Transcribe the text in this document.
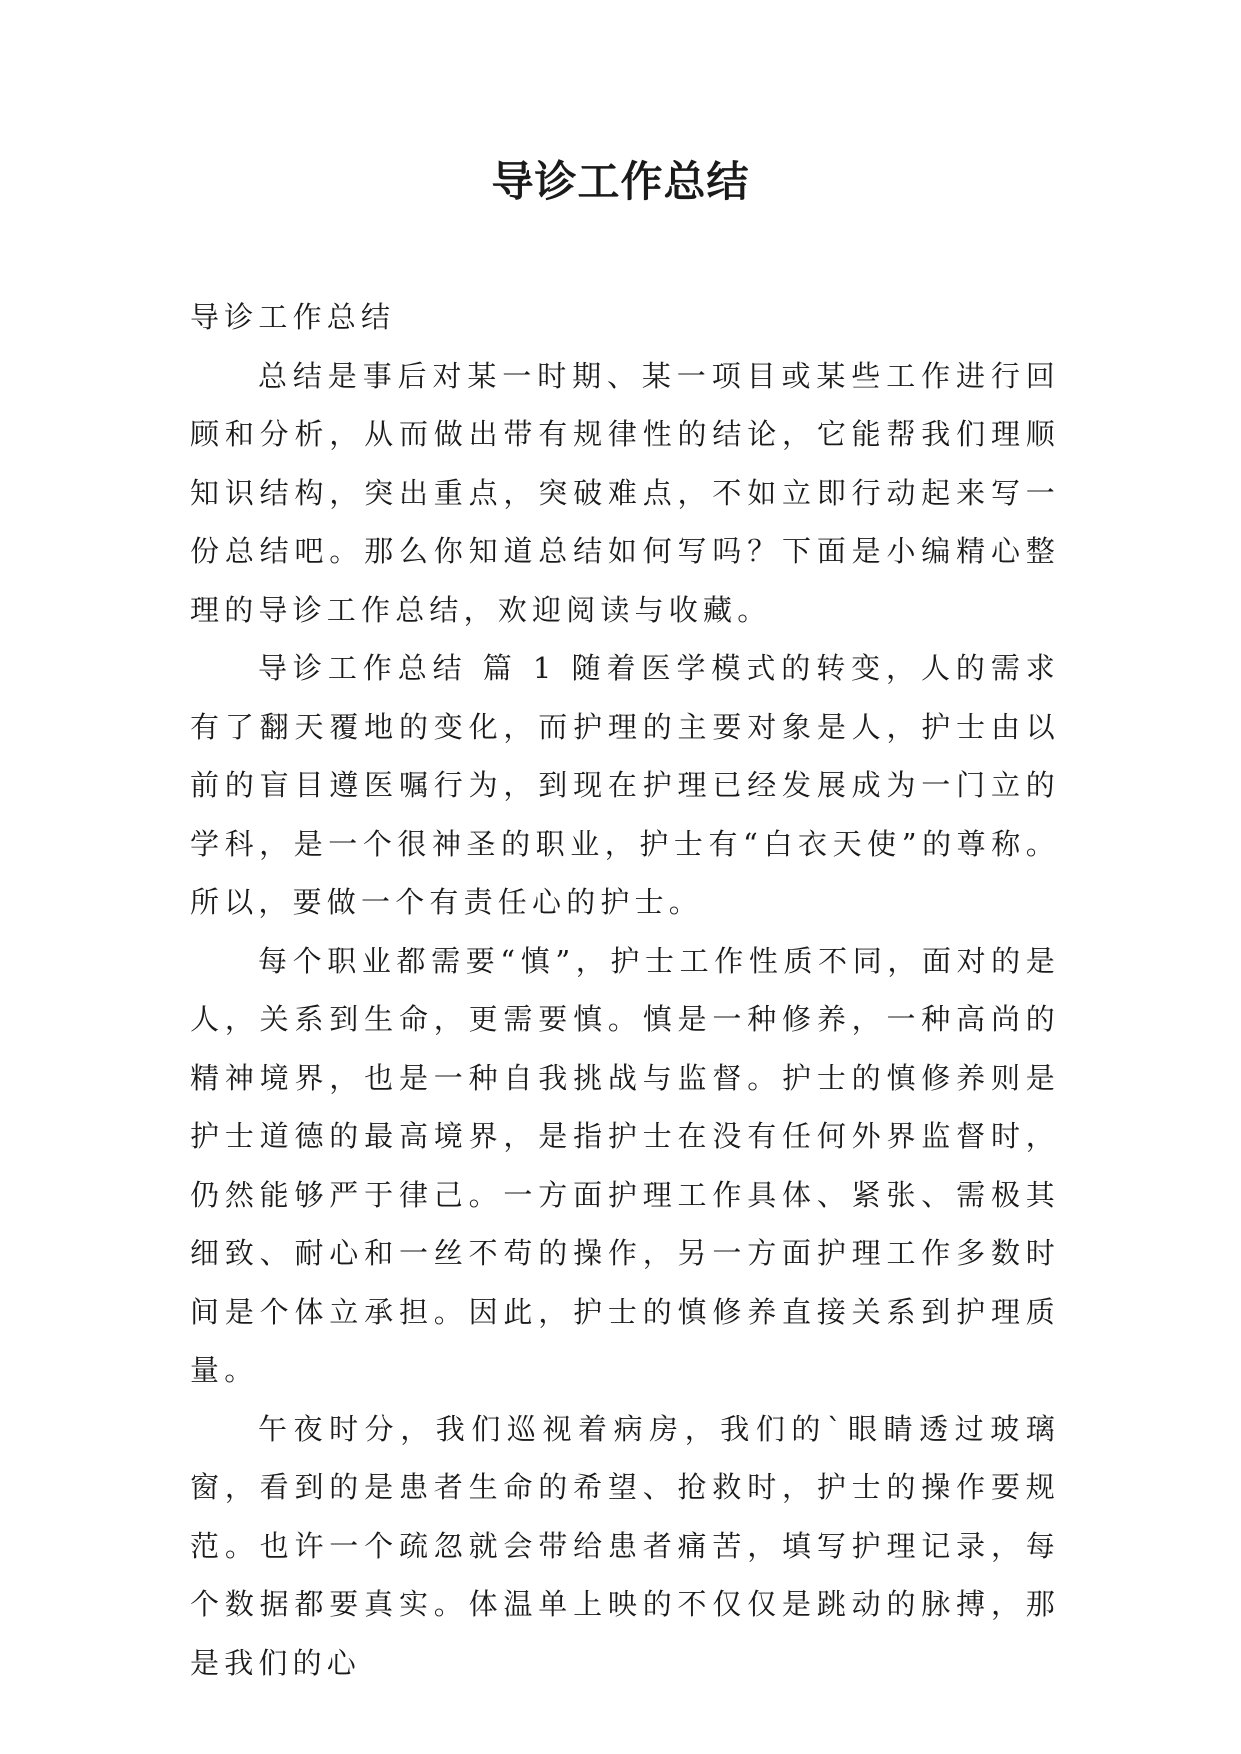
导诊工作总结

导诊工作总结

总结是事后对某一时期、某一项目或某些工作进行回顾和分析，从而做出带有规律性的结论，它能帮我们理顺知识结构，突出重点，突破难点，不如立即行动起来写一份总结吧。那么你知道总结如何写吗？下面是小编精心整理的导诊工作总结，欢迎阅读与收藏。

导诊工作总结 篇 1 随着医学模式的转变，人的需求有了翻天覆地的变化，而护理的主要对象是人，护士由以前的盲目遵医嘱行为，到现在护理已经发展成为一门立的学科，是一个很神圣的职业，护士有“白衣天使”的尊称。所以，要做一个有责任心的护士。

每个职业都需要“慎”，护士工作性质不同，面对的是人，关系到生命，更需要慎。慎是一种修养，一种高尚的精神境界，也是一种自我挑战与监督。护士的慎修养则是护士道德的最高境界，是指护士在没有任何外界监督时，仍然能够严于律己。一方面护理工作具体、紧张、需极其细致、耐心和一丝不苟的操作，另一方面护理工作多数时间是个体立承担。因此，护士的慎修养直接关系到护理质量。

午夜时分，我们巡视着病房，我们的`眼睛透过玻璃窗，看到的是患者生命的希望、抢救时，护士的操作要规范。也许一个疏忽就会带给患者痛苦，填写护理记录，每个数据都要真实。体温单上映的不仅仅是跳动的脉搏，那是我们的心
